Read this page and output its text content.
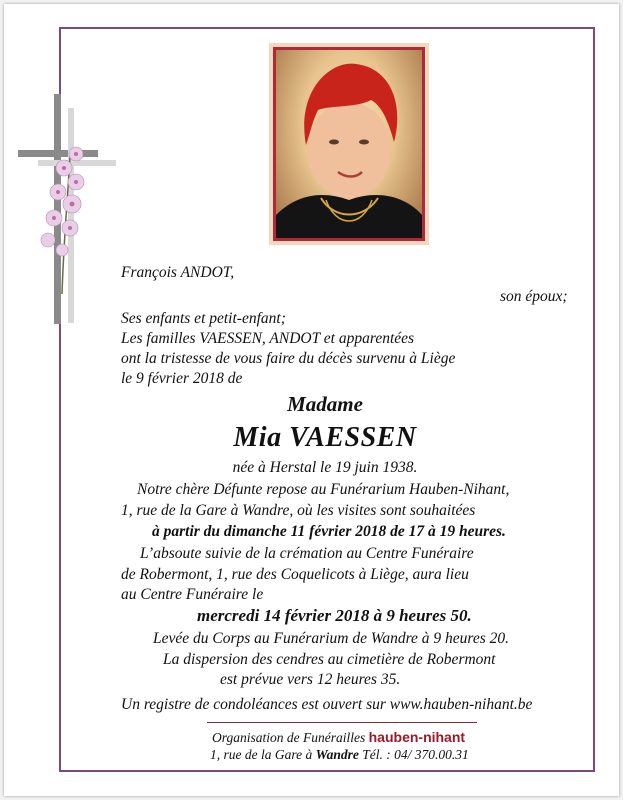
François ANDOT,
son époux;
Ses enfants et petit-enfant;
Les familles VAESSEN, ANDOT et apparentées
ont la tristesse de vous faire du décès survenu à Liège
le 9 février 2018 de
Madame
Mia VAESSEN
née à Herstal le 19 juin 1938.
Notre chère Défunte repose au Funérarium Hauben-Nihant,
1, rue de la Gare à Wandre, où les visites sont souhaitées
à partir du dimanche 11 février 2018 de 17 à 19 heures.
L’absoute suivie de la crémation au Centre Funéraire
de Robermont, 1, rue des Coquelicots à Liège, aura lieu
au Centre Funéraire le
mercredi 14 février 2018 à 9 heures 50.
Levée du Corps au Funérarium de Wandre à 9 heures 20.
La dispersion des cendres au cimetière de Robermont
est prévue vers 12 heures 35.
Un registre de condoléances est ouvert sur www.hauben-nihant.be
Organisation de Funérailles hauben-nihant
1, rue de la Gare à Wandre Tél. : 04/ 370.00.31
